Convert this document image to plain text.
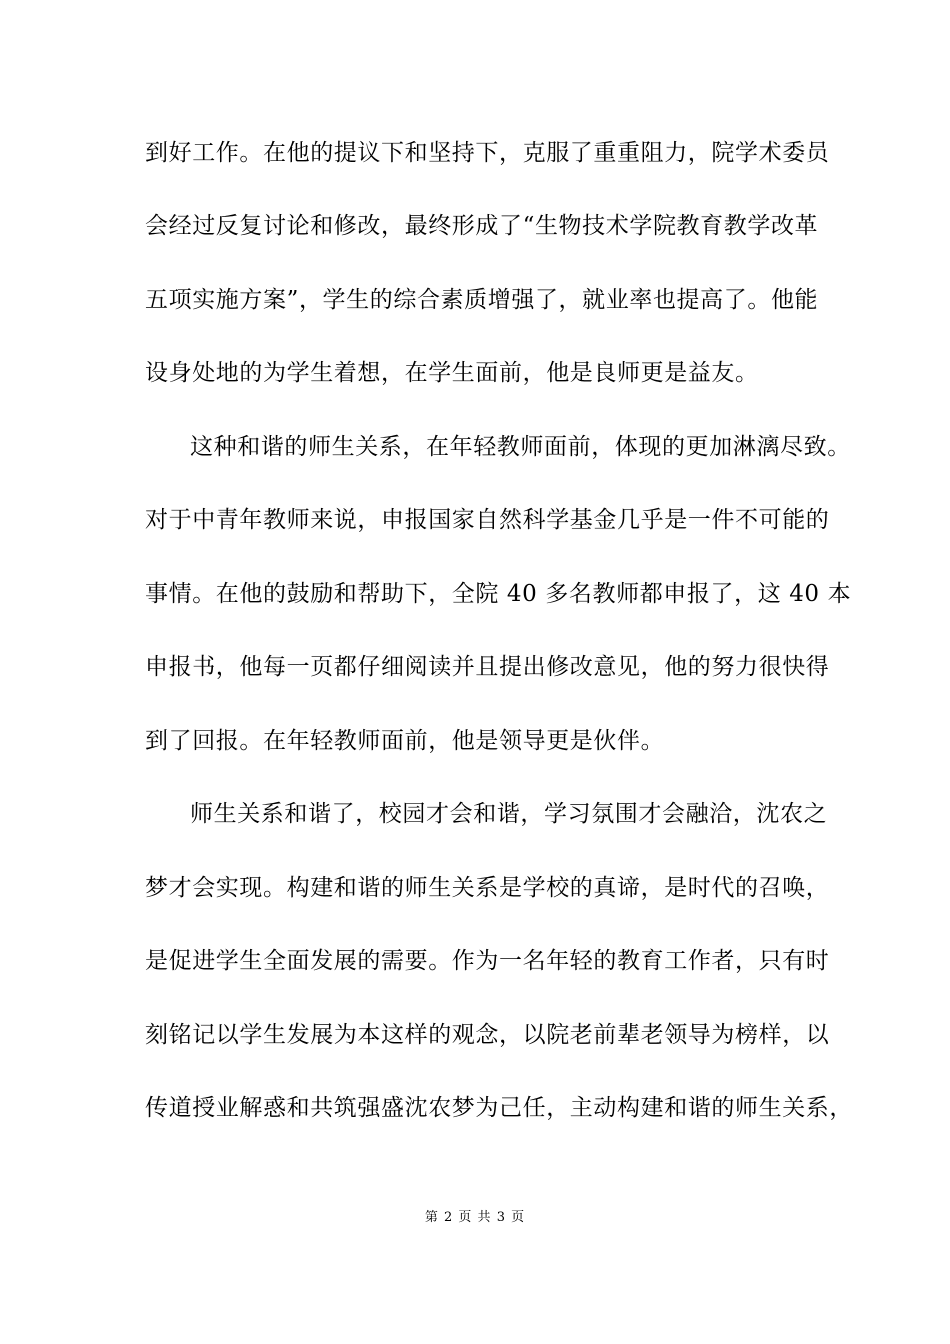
到好工作。在他的提议下和坚持下，克服了重重阻力，院学术委员
会经过反复讨论和修改，最终形成了“生物技术学院教育教学改革
五项实施方案”，学生的综合素质增强了，就业率也提高了。他能
设身处地的为学生着想，在学生面前，他是良师更是益友。
这种和谐的师生关系，在年轻教师面前，体现的更加淋漓尽致。
对于中青年教师来说，申报国家自然科学基金几乎是一件不可能的
事情。在他的鼓励和帮助下，全院 40 多名教师都申报了，这 40 本
申报书，他每一页都仔细阅读并且提出修改意见，他的努力很快得
到了回报。在年轻教师面前，他是领导更是伙伴。
师生关系和谐了，校园才会和谐，学习氛围才会融洽，沈农之
梦才会实现。构建和谐的师生关系是学校的真谛，是时代的召唤，
是促进学生全面发展的需要。作为一名年轻的教育工作者，只有时
刻铭记以学生发展为本这样的观念，以院老前辈老领导为榜样，以
传道授业解惑和共筑强盛沈农梦为己任，主动构建和谐的师生关系，
第 2 页 共 3 页
